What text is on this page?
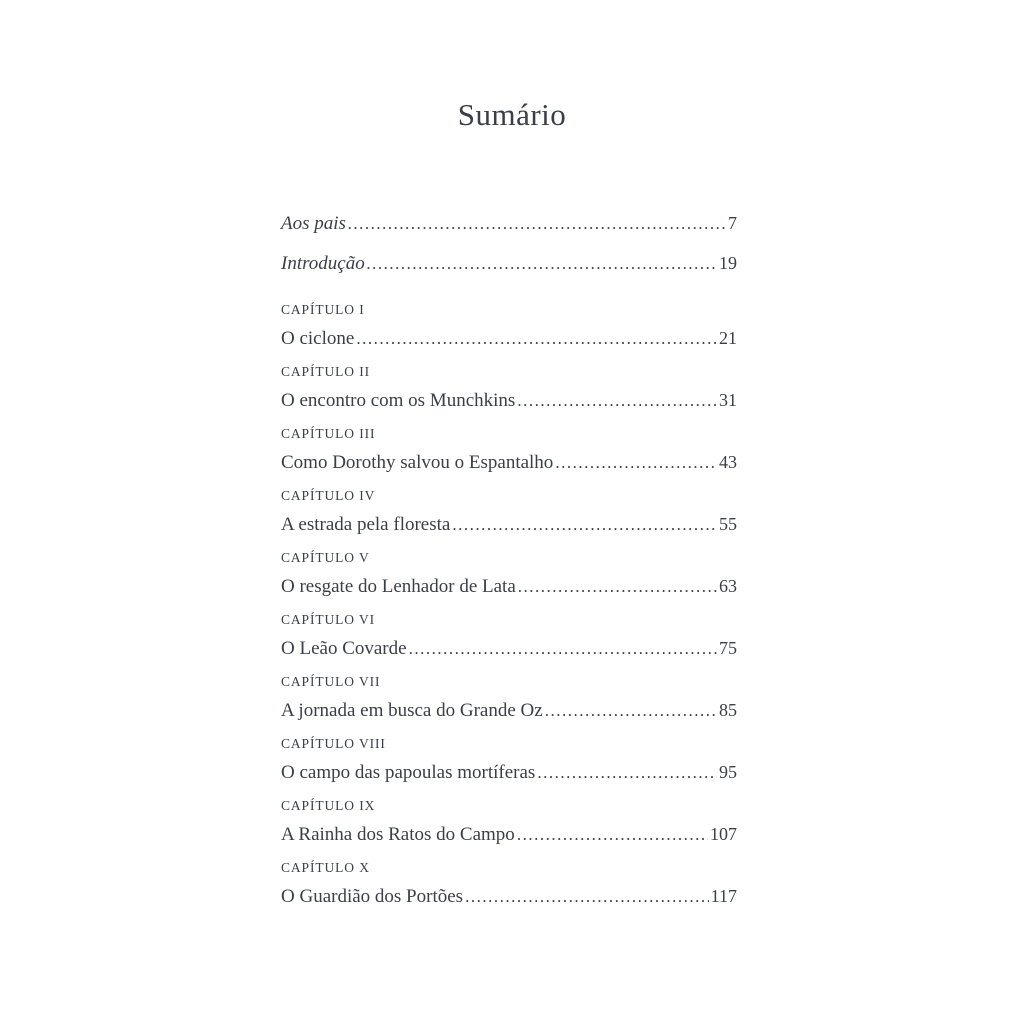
Sumário
Aos pais .....	7
Introdução .....	19
CAPÍTULO I
O ciclone .....	21
CAPÍTULO II
O encontro com os Munchkins .....	31
CAPÍTULO III
Como Dorothy salvou o Espantalho .....	43
CAPÍTULO IV
A estrada pela floresta .....	55
CAPÍTULO V
O resgate do Lenhador de Lata .....	63
CAPÍTULO VI
O Leão Covarde .....	75
CAPÍTULO VII
A jornada em busca do Grande Oz .....	85
CAPÍTULO VIII
O campo das papoulas mortíferas .....	95
CAPÍTULO IX
A Rainha dos Ratos do Campo .....	107
CAPÍTULO X
O Guardião dos Portões .....	117
